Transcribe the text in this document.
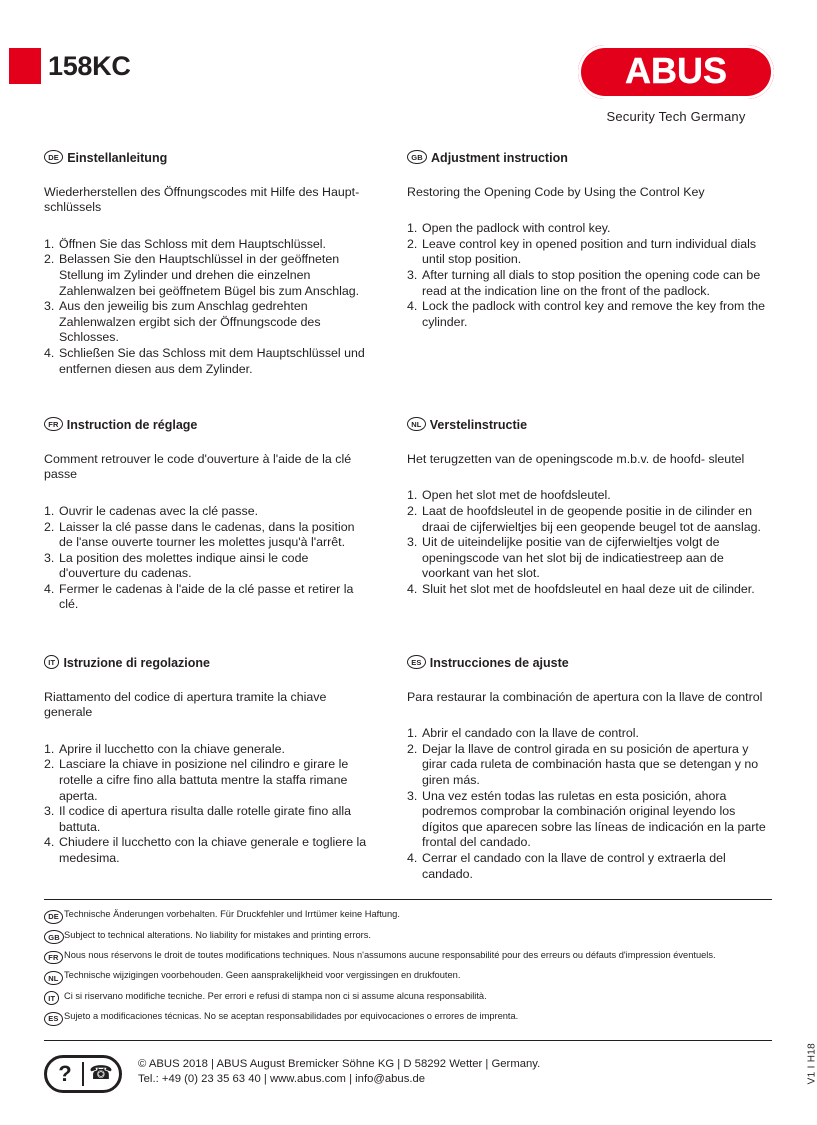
158KC	ABUS
Security Tech Germany
DE Einstellanleitung

Wiederherstellen des Öffnungscodes mit Hilfe des Haupt- schlüssels

1. Öffnen Sie das Schloss mit dem Hauptschlüssel.
2. Belassen Sie den Hauptschlüssel in der geöffneten Stellung im Zylinder und drehen die einzelnen Zahlenwalzen bei geöffnetem Bügel bis zum Anschlag.
3. Aus den jeweilig bis zum Anschlag gedrehten Zahlenwalzen ergibt sich der Öffnungscode des Schlosses.
4. Schließen Sie das Schloss mit dem Hauptschlüssel und entfernen diesen aus dem Zylinder.
GB Adjustment instruction

Restoring the Opening Code by Using the Control Key

1. Open the padlock with control key.
2. Leave control key in opened position and turn individual dials until stop position.
3. After turning all dials to stop position the opening code can be read at the indication line on the front of the padlock.
4. Lock the padlock with control key and remove the key from the cylinder.
FR Instruction de réglage

Comment retrouver le code d'ouverture à l'aide de la clé passe

1. Ouvrir le cadenas avec la clé passe.
2. Laisser la clé passe dans le cadenas, dans la position de l'anse ouverte tourner les molettes jusqu'à l'arrêt.
3. La position des molettes indique ainsi le code d'ouverture du cadenas.
4. Fermer le cadenas à l'aide de la clé passe et retirer la clé.
NL Verstelinstructie

Het terugzetten van de openingscode m.b.v. de hoofd- sleutel

1. Open het slot met de hoofdsleutel.
2. Laat de hoofdsleutel in de geopende positie in de cilinder en draai de cijferwieltjes bij een geopende beugel tot de aanslag.
3. Uit de uiteindelijke positie van de cijferwieltjes volgt de openingscode van het slot bij de indicatiestreep aan de voorkant van het slot.
4. Sluit het slot met de hoofdsleutel en haal deze uit de cilinder.
IT Istruzione di regolazione

Riattamento del codice di apertura tramite la chiave generale

1. Aprire il lucchetto con la chiave generale.
2. Lasciare la chiave in posizione nel cilindro e girare le rotelle a cifre fino alla battuta mentre la staffa rimane aperta.
3. Il codice di apertura risulta dalle rotelle girate fino alla battuta.
4. Chiudere il lucchetto con la chiave generale e togliere la medesima.
ES Instrucciones de ajuste

Para restaurar la combinación de apertura con la llave de control

1. Abrir el candado con la llave de control.
2. Dejar la llave de control girada en su posición de apertura y girar cada ruleta de combinación hasta que se detengan y no giren más.
3. Una vez estén todas las ruletas en esta posición, ahora podremos comprobar la combinación original leyendo los dígitos que aparecen sobre las líneas de indicación en la parte frontal del candado.
4. Cerrar el candado con la llave de control y extraerla del candado.
DE Technische Änderungen vorbehalten. Für Druckfehler und Irrtümer keine Haftung.
GB Subject to technical alterations. No liability for mistakes and printing errors.
FR Nous nous réservons le droit de toutes modifications techniques. Nous n'assumons aucune responsabilité pour des erreurs ou défauts d'impression éventuels.
NL Technische wijzigingen voorbehouden. Geen aansprakelijkheid voor vergissingen en drukfouten.
IT Ci si riservano modifiche tecniche. Per errori e refusi di stampa non ci si assume alcuna responsabilità.
ES Sujeto a modificaciones técnicas. No se aceptan responsabilidades por equivocaciones o errores de imprenta.
? ☎	© ABUS 2018 | ABUS August Bremicker Söhne KG | D 58292 Wetter | Germany.
Tel.: +49 (0) 23 35 63 40 | www.abus.com | info@abus.de	V1 I H18
